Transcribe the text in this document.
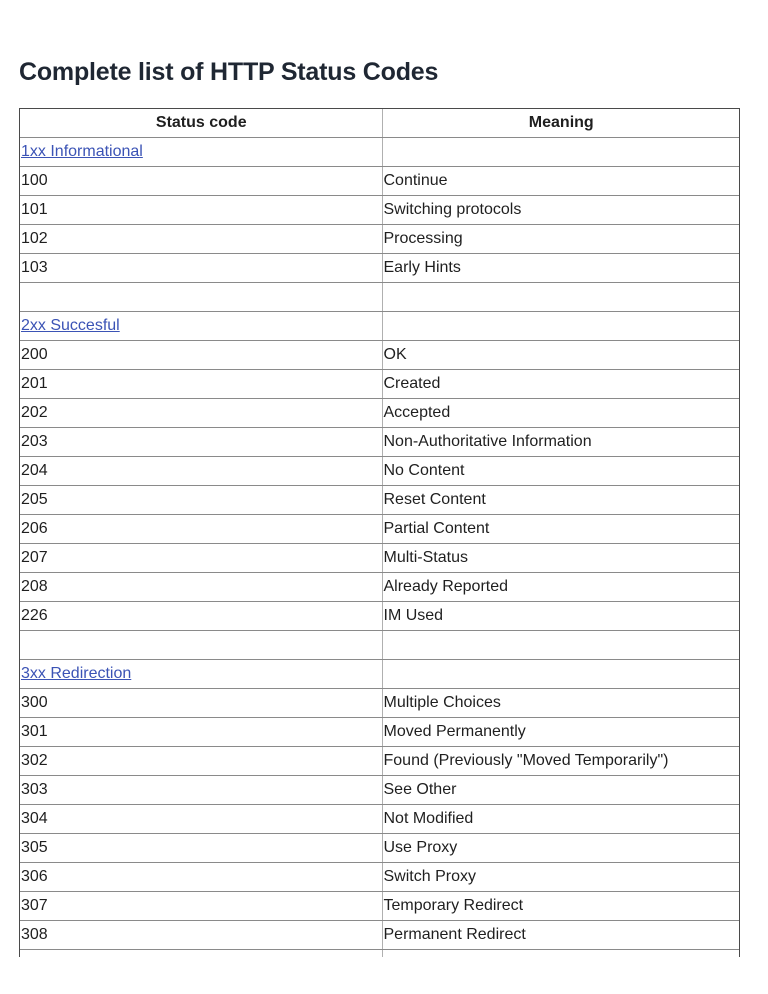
Complete list of HTTP Status Codes
Status code	Meaning
1xx Informational	
100	Continue
101	Switching protocols
102	Processing
103	Early Hints

2xx Succesful	
200	OK
201	Created
202	Accepted
203	Non-Authoritative Information
204	No Content
205	Reset Content
206	Partial Content
207	Multi-Status
208	Already Reported
226	IM Used

3xx Redirection	
300	Multiple Choices
301	Moved Permanently
302	Found (Previously "Moved Temporarily")
303	See Other
304	Not Modified
305	Use Proxy
306	Switch Proxy
307	Temporary Redirect
308	Permanent Redirect
